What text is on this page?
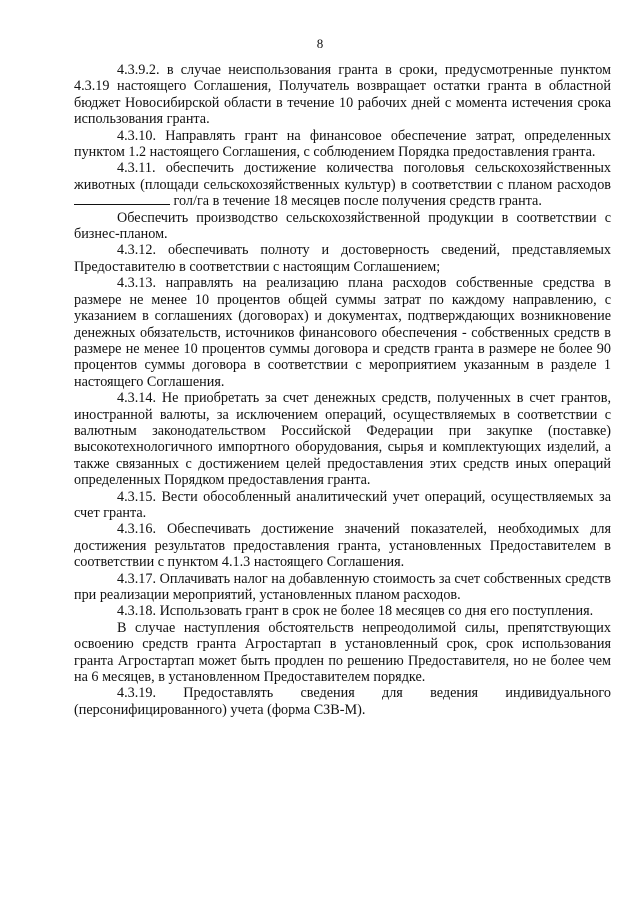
8

4.3.9.2. в случае неиспользования гранта в сроки, предусмотренные пунктом 4.3.19 настоящего Соглашения, Получатель возвращает остатки гранта в областной бюджет Новосибирской области в течение 10 рабочих дней с момента истечения срока использования гранта.

4.3.10. Направлять грант на финансовое обеспечение затрат, определенных пунктом 1.2 настоящего Соглашения, с соблюдением Порядка предоставления гранта.

4.3.11. обеспечить достижение количества поголовья сельскохозяйственных животных (площади сельскохозяйственных культур) в соответствии с планом расходов гол/га в течение 18 месяцев после получения средств гранта.

Обеспечить производство сельскохозяйственной продукции в соответствии с бизнес-планом.

4.3.12. обеспечивать полноту и достоверность сведений, представляемых Предоставителю в соответствии с настоящим Соглашением;

4.3.13. направлять на реализацию плана расходов собственные средства в размере не менее 10 процентов общей суммы затрат по каждому направлению, с указанием в соглашениях (договорах) и документах, подтверждающих возникновение денежных обязательств, источников финансового обеспечения - собственных средств в размере не менее 10 процентов суммы договора и средств гранта в размере не более 90 процентов суммы договора в соответствии с мероприятием указанным в разделе 1 настоящего Соглашения.

4.3.14. Не приобретать за счет денежных средств, полученных в счет грантов, иностранной валюты, за исключением операций, осуществляемых в соответствии с валютным законодательством Российской Федерации при закупке (поставке) высокотехнологичного импортного оборудования, сырья и комплектующих изделий, а также связанных с достижением целей предоставления этих средств иных операций определенных Порядком предоставления гранта.

4.3.15. Вести обособленный аналитический учет операций, осуществляемых за счет гранта.

4.3.16. Обеспечивать достижение значений показателей, необходимых для достижения результатов предоставления гранта, установленных Предоставителем в соответствии с пунктом 4.1.3 настоящего Соглашения.

4.3.17. Оплачивать налог на добавленную стоимость за счет собственных средств при реализации мероприятий, установленных планом расходов.

4.3.18. Использовать грант в срок не более 18 месяцев со дня его поступления.

В случае наступления обстоятельств непреодолимой силы, препятствующих освоению средств гранта Агростартап в установленный срок, срок использования гранта Агростартап может быть продлен по решению Предоставителя, но не более чем на 6 месяцев, в установленном Предоставителем порядке.

4.3.19. Предоставлять сведения для ведения индивидуального (персонифицированного) учета (форма СЗВ-М).
